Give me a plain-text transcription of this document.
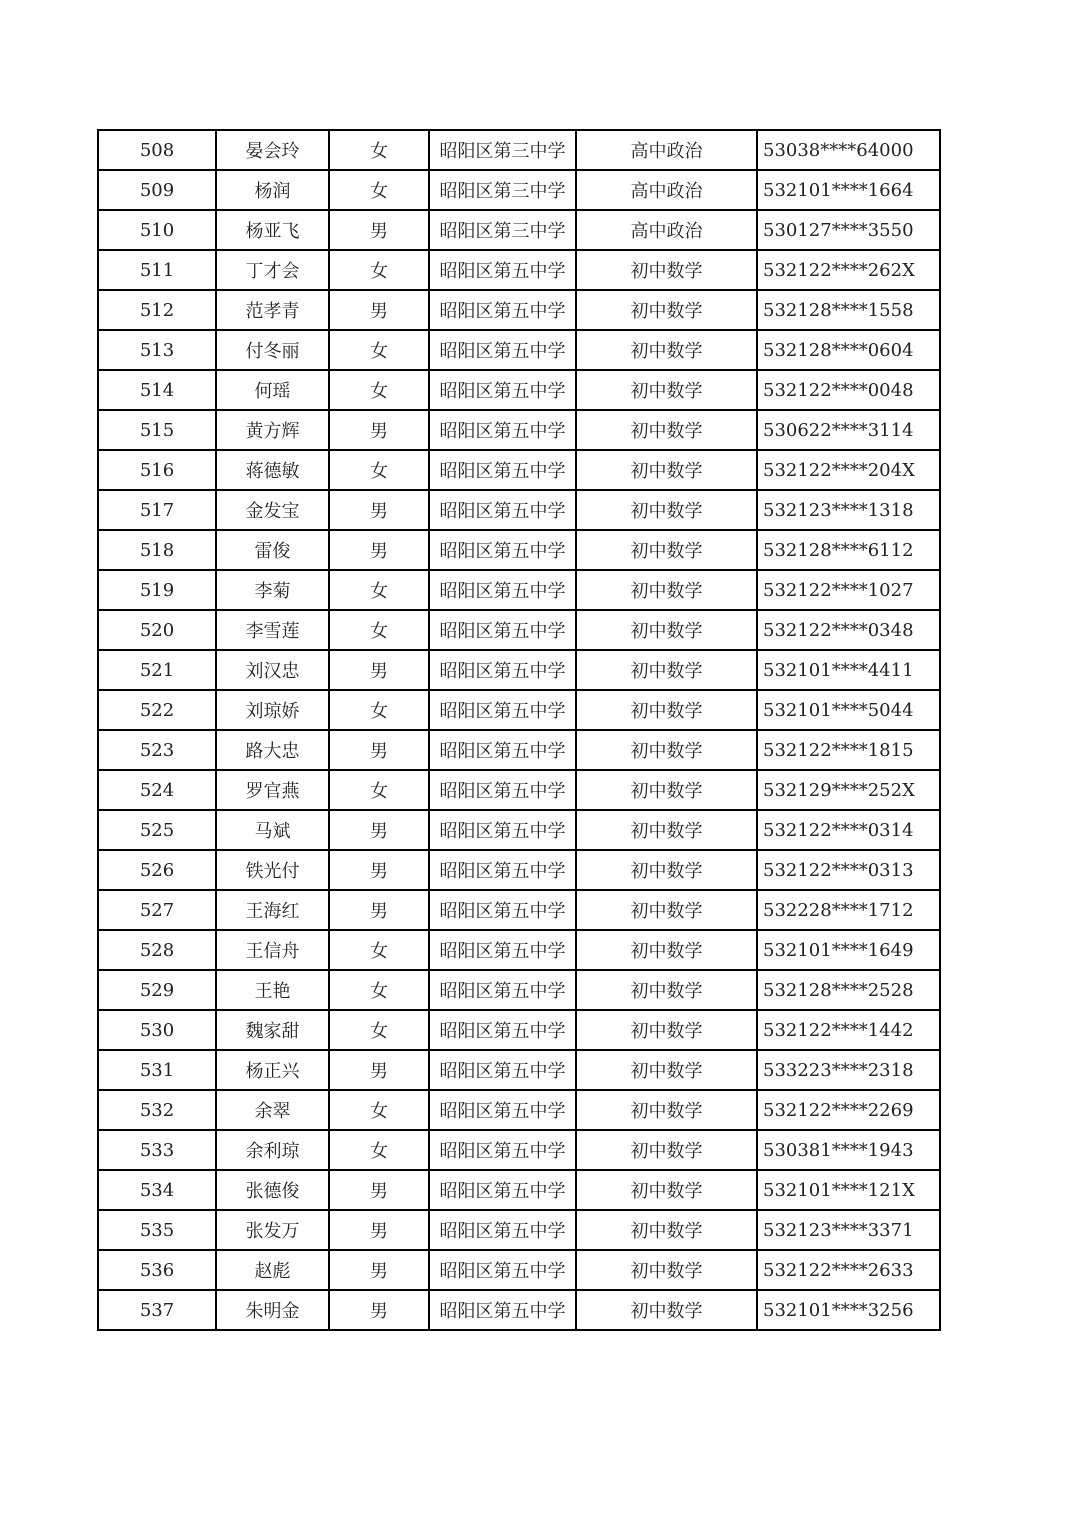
508	晏会玲	女	昭阳区第三中学	高中政治	53038****64000
509	杨润	女	昭阳区第三中学	高中政治	532101****1664
510	杨亚飞	男	昭阳区第三中学	高中政治	530127****3550
511	丁才会	女	昭阳区第五中学	初中数学	532122****262X
512	范孝青	男	昭阳区第五中学	初中数学	532128****1558
513	付冬丽	女	昭阳区第五中学	初中数学	532128****0604
514	何瑶	女	昭阳区第五中学	初中数学	532122****0048
515	黄方辉	男	昭阳区第五中学	初中数学	530622****3114
516	蒋德敏	女	昭阳区第五中学	初中数学	532122****204X
517	金发宝	男	昭阳区第五中学	初中数学	532123****1318
518	雷俊	男	昭阳区第五中学	初中数学	532128****6112
519	李菊	女	昭阳区第五中学	初中数学	532122****1027
520	李雪莲	女	昭阳区第五中学	初中数学	532122****0348
521	刘汉忠	男	昭阳区第五中学	初中数学	532101****4411
522	刘琼娇	女	昭阳区第五中学	初中数学	532101****5044
523	路大忠	男	昭阳区第五中学	初中数学	532122****1815
524	罗官燕	女	昭阳区第五中学	初中数学	532129****252X
525	马斌	男	昭阳区第五中学	初中数学	532122****0314
526	铁光付	男	昭阳区第五中学	初中数学	532122****0313
527	王海红	男	昭阳区第五中学	初中数学	532228****1712
528	王信舟	女	昭阳区第五中学	初中数学	532101****1649
529	王艳	女	昭阳区第五中学	初中数学	532128****2528
530	魏家甜	女	昭阳区第五中学	初中数学	532122****1442
531	杨正兴	男	昭阳区第五中学	初中数学	533223****2318
532	余翠	女	昭阳区第五中学	初中数学	532122****2269
533	余利琼	女	昭阳区第五中学	初中数学	530381****1943
534	张德俊	男	昭阳区第五中学	初中数学	532101****121X
535	张发万	男	昭阳区第五中学	初中数学	532123****3371
536	赵彪	男	昭阳区第五中学	初中数学	532122****2633
537	朱明金	男	昭阳区第五中学	初中数学	532101****3256
